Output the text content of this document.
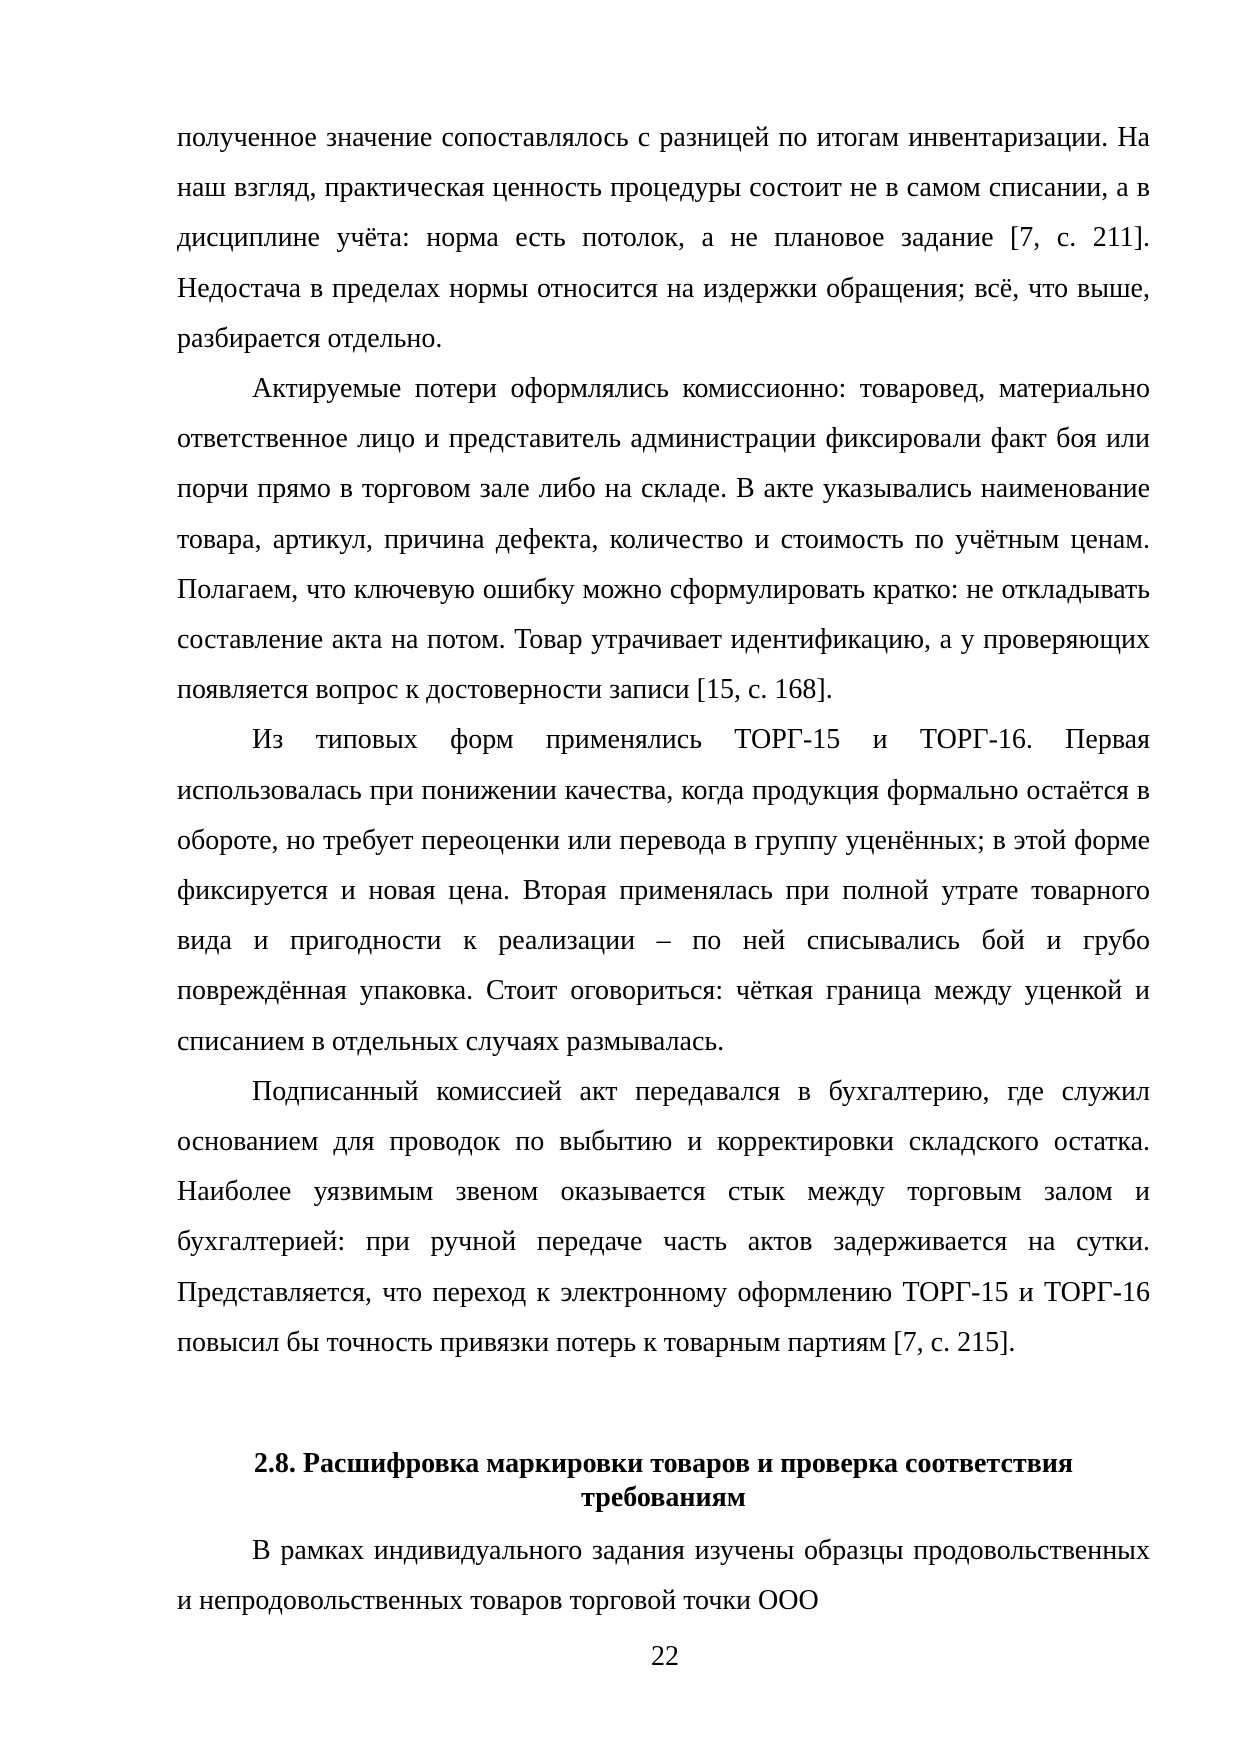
полученное значение сопоставлялось с разницей по итогам инвентаризации. На наш взгляд, практическая ценность процедуры состоит не в самом списании, а в дисциплине учёта: норма есть потолок, а не плановое задание [7, с. 211]. Недостача в пределах нормы относится на издержки обращения; всё, что выше, разбирается отдельно.

Актируемые потери оформлялись комиссионно: товаровед, материально ответственное лицо и представитель администрации фиксировали факт боя или порчи прямо в торговом зале либо на складе. В акте указывались наименование товара, артикул, причина дефекта, количество и стоимость по учётным ценам. Полагаем, что ключевую ошибку можно сформулировать кратко: не откладывать составление акта на потом. Товар утрачивает идентификацию, а у проверяющих появляется вопрос к достоверности записи [15, с. 168].

Из типовых форм применялись ТОРГ-15 и ТОРГ-16. Первая использовалась при понижении качества, когда продукция формально остаётся в обороте, но требует переоценки или перевода в группу уценённых; в этой форме фиксируется и новая цена. Вторая применялась при полной утрате товарного вида и пригодности к реализации – по ней списывались бой и грубо повреждённая упаковка. Стоит оговориться: чёткая граница между уценкой и списанием в отдельных случаях размывалась.

Подписанный комиссией акт передавался в бухгалтерию, где служил основанием для проводок по выбытию и корректировки складского остатка. Наиболее уязвимым звеном оказывается стык между торговым залом и бухгалтерией: при ручной передаче часть актов задерживается на сутки. Представляется, что переход к электронному оформлению ТОРГ-15 и ТОРГ-16 повысил бы точность привязки потерь к товарным партиям [7, с. 215].

2.8. Расшифровка маркировки товаров и проверка соответствия требованиям

В рамках индивидуального задания изучены образцы продовольственных и непродовольственных товаров торговой точки ООО

22
